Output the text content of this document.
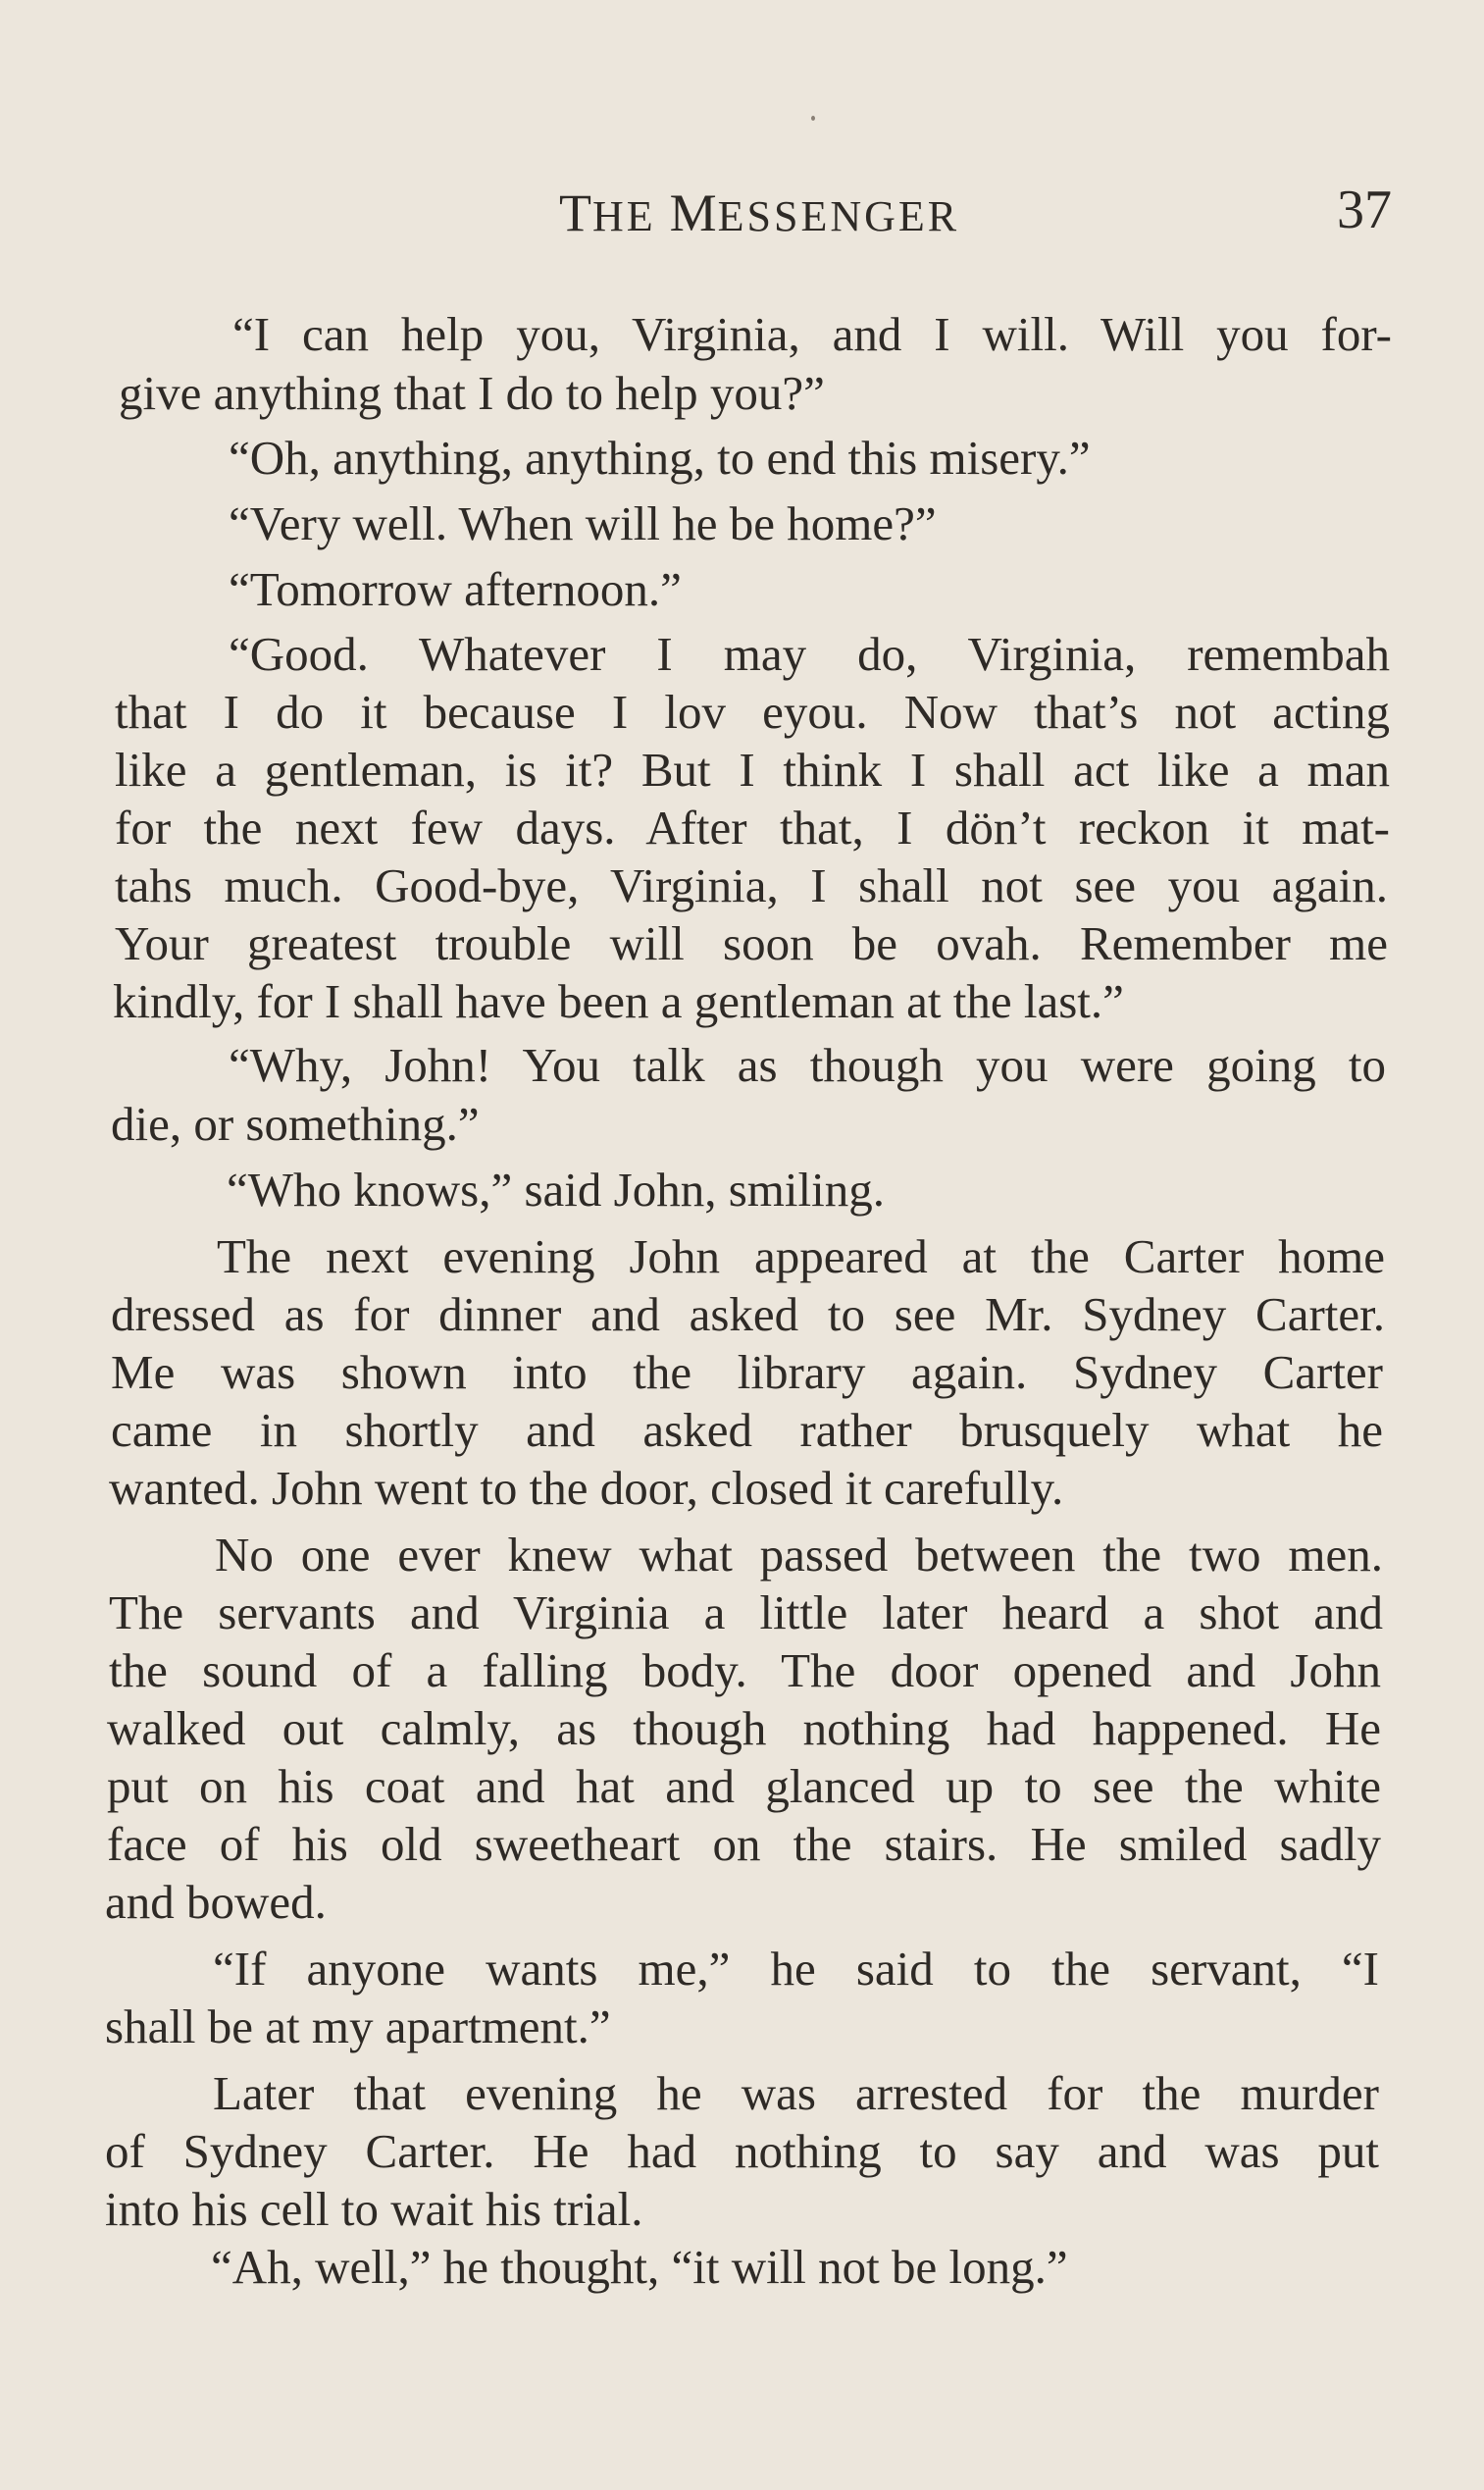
THE MESSENGER	37
“I can help you, Virginia, and I will. Will you for-
give anything that I do to help you?”
“Oh, anything, anything, to end this misery.”
“Very well. When will he be home?”
“Tomorrow afternoon.”
“Good. Whatever I may do, Virginia, remembah
that I do it because I lov eyou. Now that’s not acting
like a gentleman, is it? But I think I shall act like a man
for the next few days. After that, I dön’t reckon it mat-
tahs much. Good-bye, Virginia, I shall not see you again.
Your greatest trouble will soon be ovah. Remember me
kindly, for I shall have been a gentleman at the last.”
“Why, John! You talk as though you were going to
die, or something.”
“Who knows,” said John, smiling.
The next evening John appeared at the Carter home
dressed as for dinner and asked to see Mr. Sydney Carter.
Me was shown into the library again. Sydney Carter
came in shortly and asked rather brusquely what he
wanted. John went to the door, closed it carefully.
No one ever knew what passed between the two men.
The servants and Virginia a little later heard a shot and
the sound of a falling body. The door opened and John
walked out calmly, as though nothing had happened. He
put on his coat and hat and glanced up to see the white
face of his old sweetheart on the stairs. He smiled sadly
and bowed.
“If anyone wants me,” he said to the servant, “I
shall be at my apartment.”
Later that evening he was arrested for the murder
of Sydney Carter. He had nothing to say and was put
into his cell to wait his trial.
“Ah, well,” he thought, “it will not be long.”
